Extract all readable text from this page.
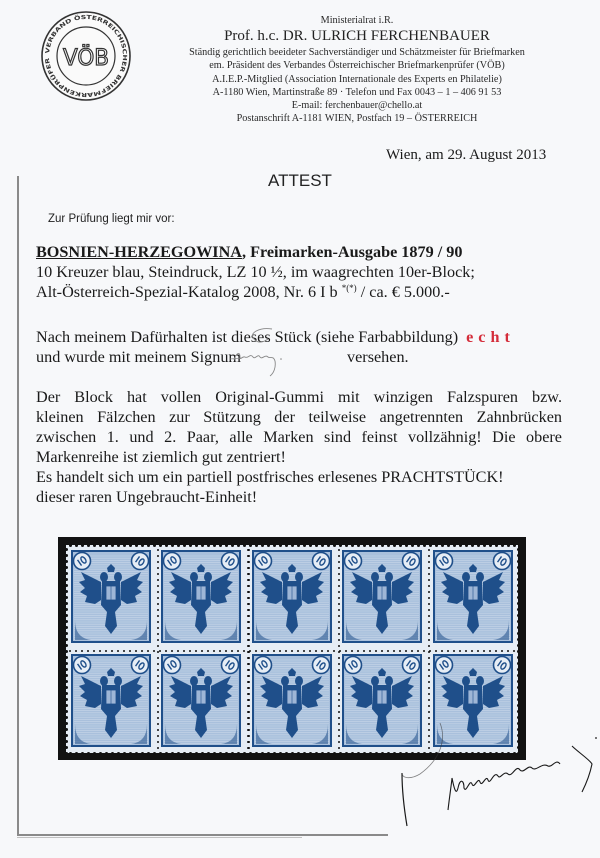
VERBAND ÖSTERREICHISCHER BRIEFMARKENPRÜFER VÖB
Ministerialrat i.R.
Prof. h.c. DR. ULRICH FERCHENBAUER
Ständig gerichtlich beeideter Sachverständiger und Schätzmeister für Briefmarken
em. Präsident des Verbandes Österreichischer Briefmarkenprüfer (VÖB)
A.I.E.P.-Mitglied (Association Internationale des Experts en Philatelie)
A-1180 Wien, Martinstraße 89 · Telefon und Fax 0043 – 1 – 406 91 53
E-mail: ferchenbauer@chello.at
Postanschrift A-1181 WIEN, Postfach 19 – ÖSTERREICH
Wien, am 29. August 2013
ATTEST
Zur Prüfung liegt mir vor:
BOSNIEN-HERZEGOWINA, Freimarken-Ausgabe 1879 / 90
10 Kreuzer blau, Steindruck, LZ 10 ½, im waagrechten 10er-Block;
Alt-Österreich-Spezial-Katalog 2008, Nr. 6 I b *(*) / ca. € 5.000.-
Nach meinem Dafürhalten ist dieses Stück (siehe Farbabbildung) echt
und wurde mit meinem Signum	versehen.
Der Block hat vollen Original-Gummi mit winzigen Falzspuren bzw.
kleinen Fälzchen zur Stützung der teilweise angetrennten Zahnbrücken
zwischen 1. und 2. Paar, alle Marken sind feinst vollzähnig! Die obere
Markenreihe ist ziemlich gut zentriert!
Es handelt sich um ein partiell postfrisches erlesenes PRACHTSTÜCK!
dieser raren Ungebraucht-Einheit!
